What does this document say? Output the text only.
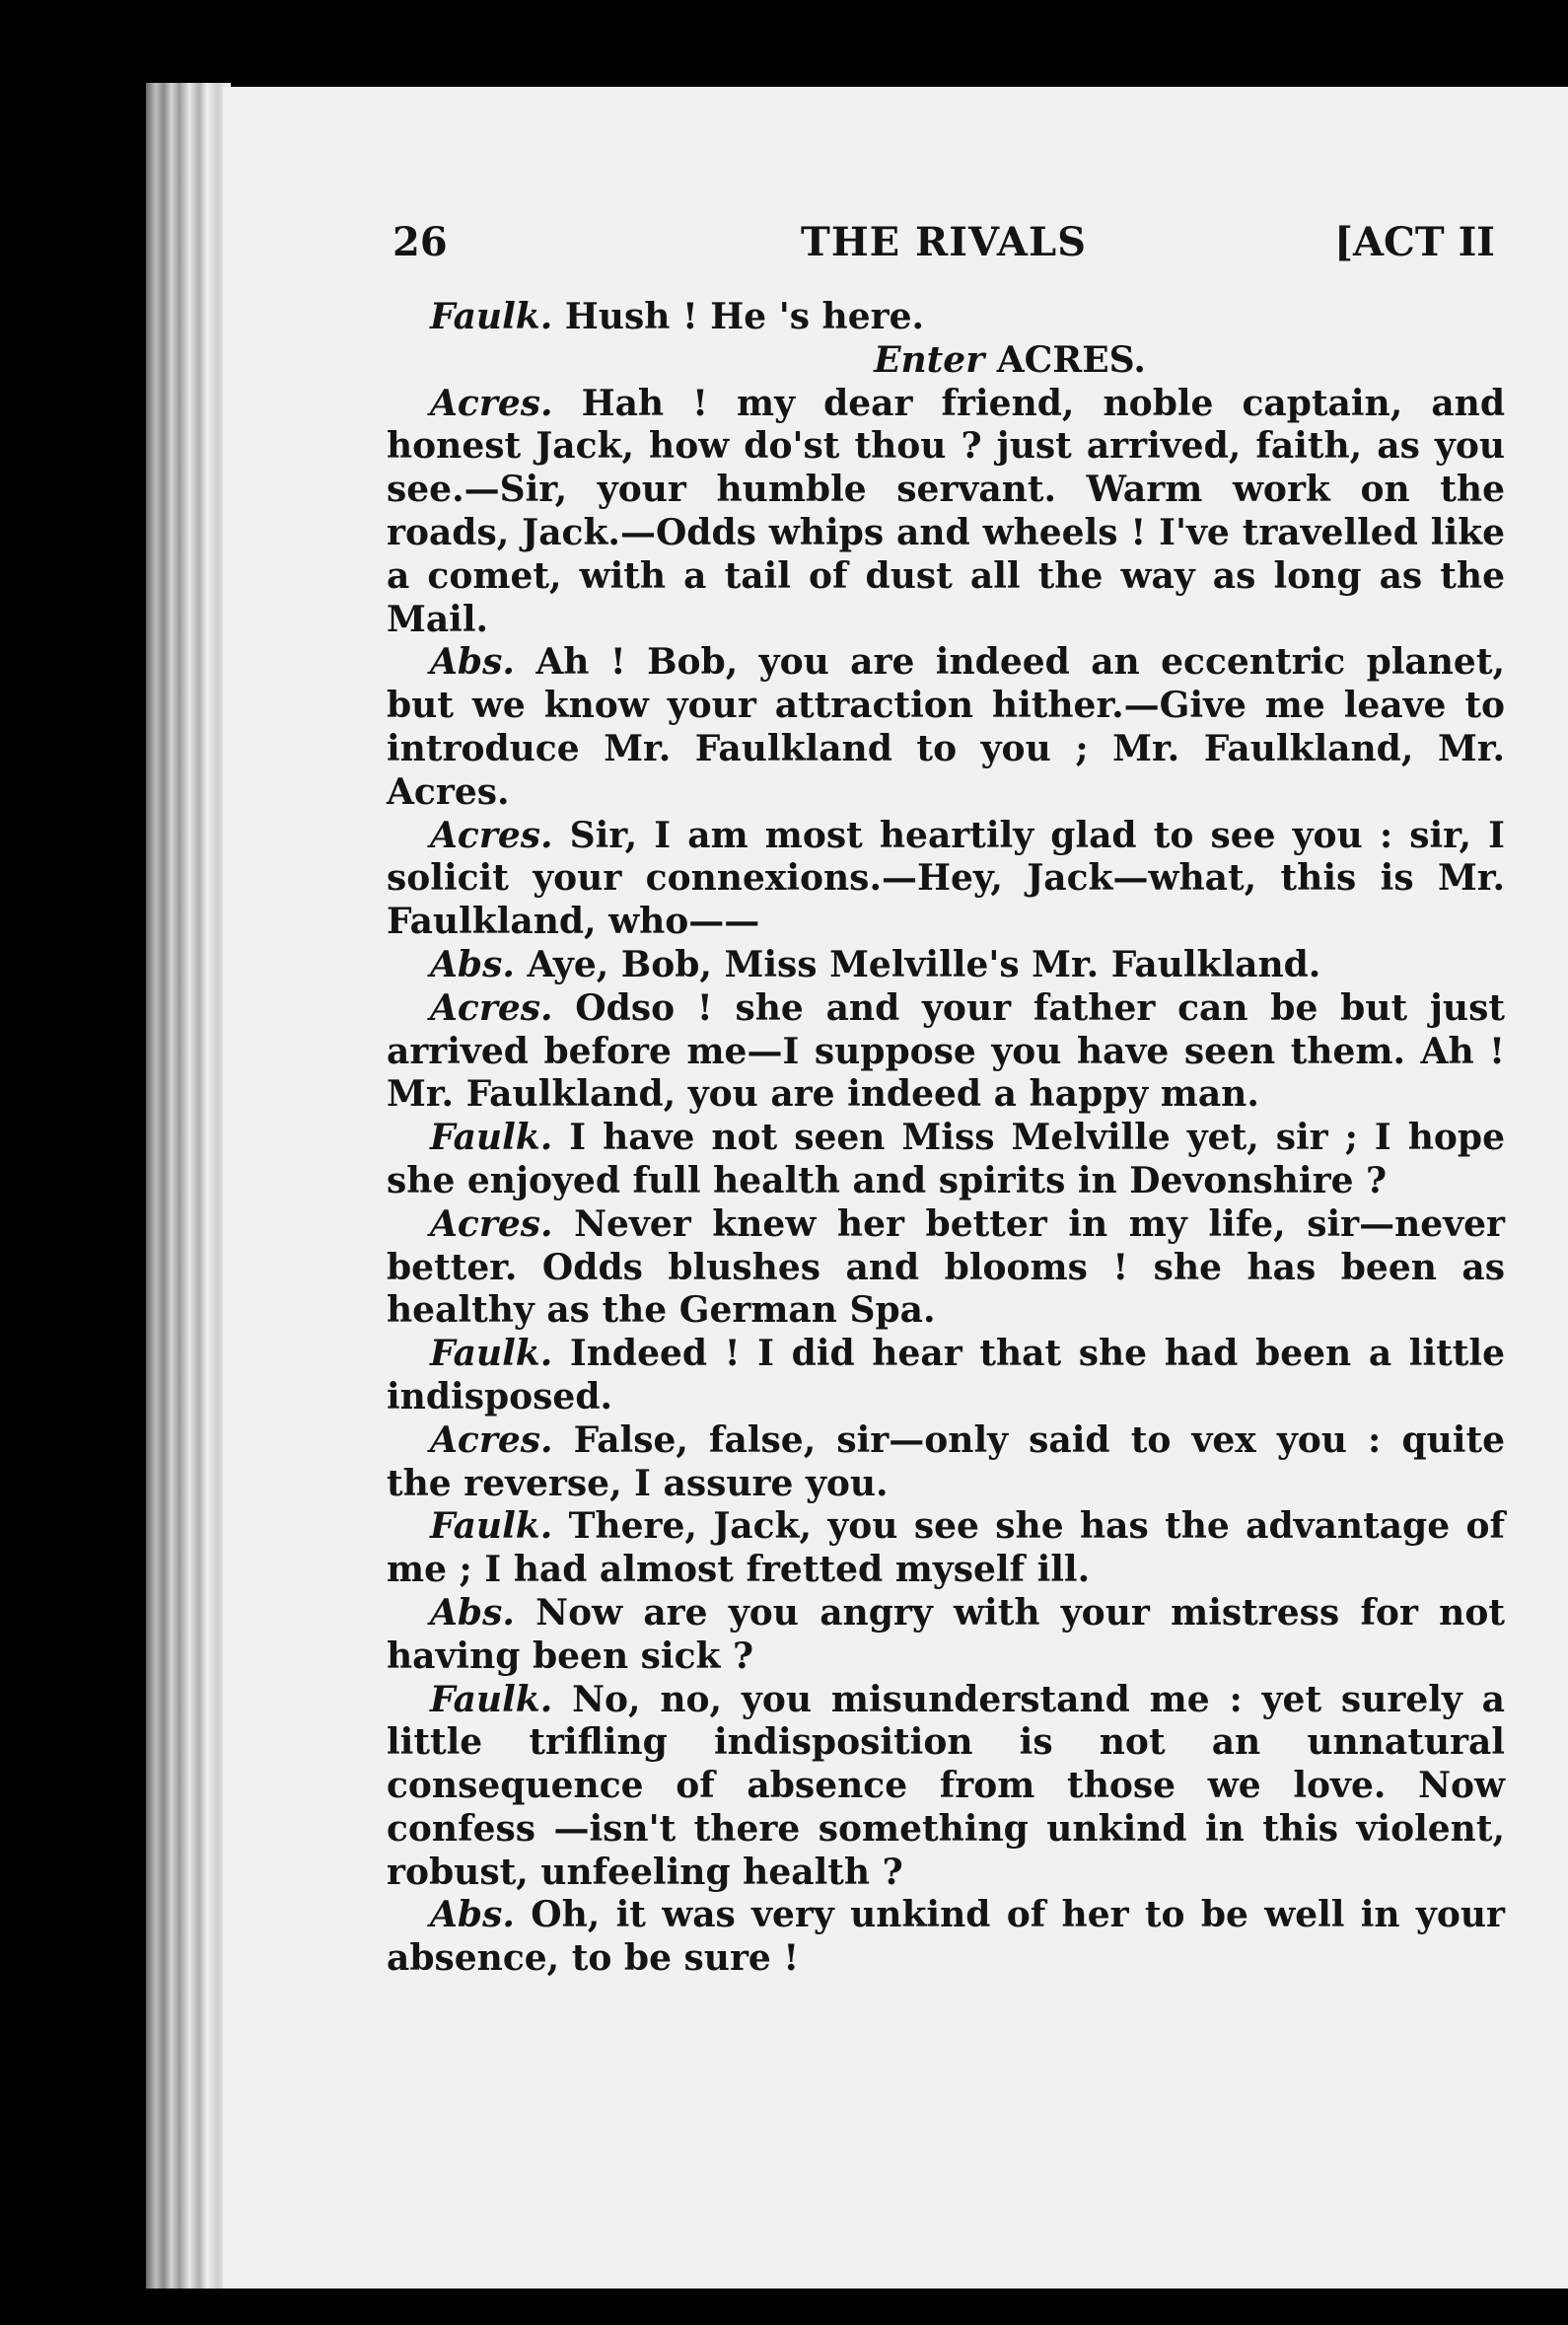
26	THE RIVALS	[ACT II

Faulk. Hush ! He 's here.

Enter ACRES.

Acres. Hah ! my dear friend, noble captain, and honest Jack, how do'st thou ? just arrived, faith, as you see.—Sir, your humble servant. Warm work on the roads, Jack.—Odds whips and wheels ! I've travelled like a comet, with a tail of dust all the way as long as the Mail.

Abs. Ah ! Bob, you are indeed an eccentric planet, but we know your attraction hither.—Give me leave to introduce Mr. Faulkland to you ; Mr. Faulkland, Mr. Acres.

Acres. Sir, I am most heartily glad to see you : sir, I solicit your connexions.—Hey, Jack—what, this is Mr. Faulkland, who——

Abs. Aye, Bob, Miss Melville's Mr. Faulkland.

Acres. Odso ! she and your father can be but just arrived before me—I suppose you have seen them. Ah ! Mr. Faulkland, you are indeed a happy man.

Faulk. I have not seen Miss Melville yet, sir ; I hope she enjoyed full health and spirits in Devonshire ?

Acres. Never knew her better in my life, sir—never better. Odds blushes and blooms ! she has been as healthy as the German Spa.

Faulk. Indeed ! I did hear that she had been a little indisposed.

Acres. False, false, sir—only said to vex you : quite the reverse, I assure you.

Faulk. There, Jack, you see she has the advantage of me ; I had almost fretted myself ill.

Abs. Now are you angry with your mistress for not having been sick ?

Faulk. No, no, you misunderstand me : yet surely a little trifling indisposition is not an unnatural consequence of absence from those we love. Now confess —isn't there something unkind in this violent, robust, unfeeling health ?

Abs. Oh, it was very unkind of her to be well in your absence, to be sure !
